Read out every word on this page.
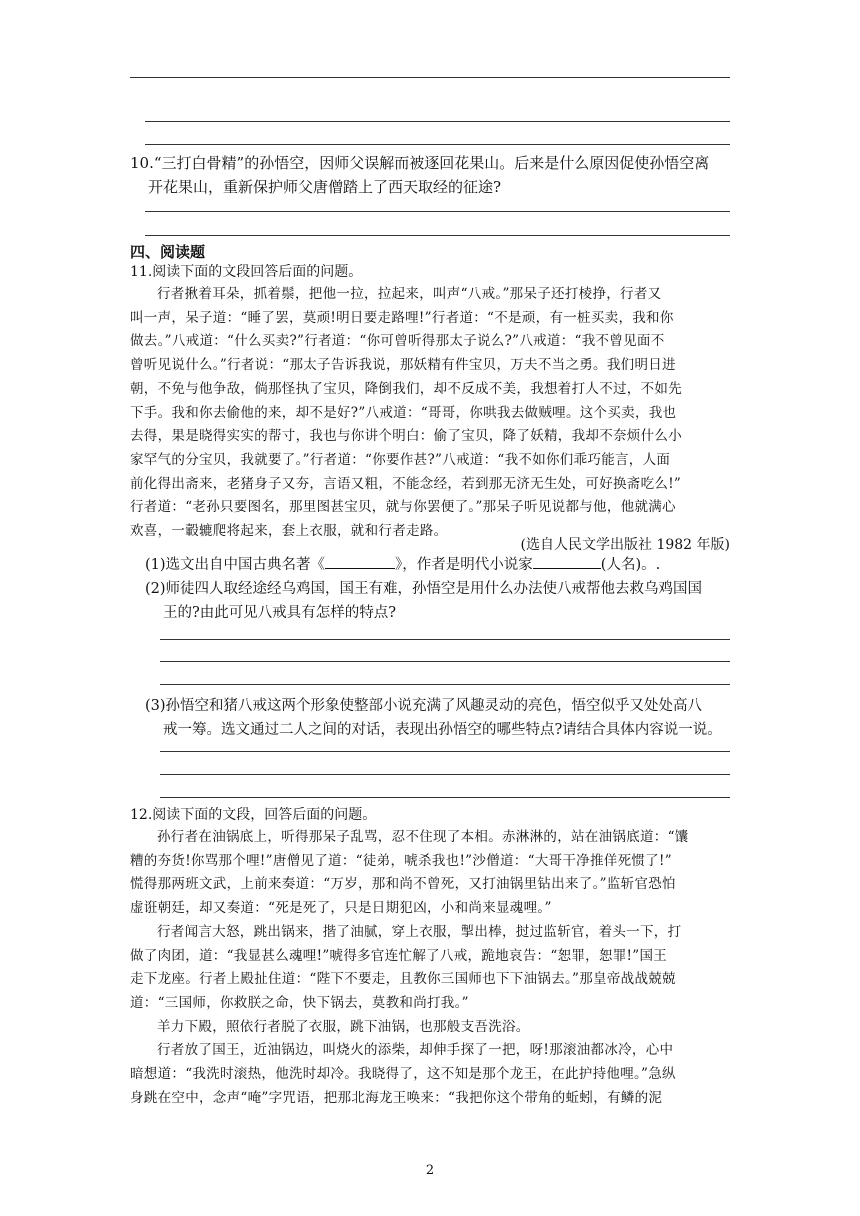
10.“三打白骨精”的孙悟空，因师父误解而被逐回花果山。后来是什么原因促使孙悟空离
开花果山，重新保护师父唐僧踏上了西天取经的征途?
四、阅读题
11.阅读下面的文段回答后面的问题。
行者揪着耳朵，抓着鬃，把他一拉，拉起来，叫声“八戒。”那呆子还打棱挣，行者又
叫一声，呆子道：“睡了罢，莫顽!明日要走路哩!”行者道：“不是顽，有一桩买卖，我和你
做去。”八戒道：“什么买卖?”行者道：“你可曾听得那太子说么?”八戒道：“我不曾见面不
曾听见说什么。”行者说：“那太子告诉我说，那妖精有件宝贝，万夫不当之勇。我们明日进
朝，不免与他争敌，倘那怪执了宝贝，降倒我们，却不反成不美，我想着打人不过，不如先
下手。我和你去偷他的来，却不是好?”八戒道：“哥哥，你哄我去做贼哩。这个买卖，我也
去得，果是晓得实实的帮寸，我也与你讲个明白：偷了宝贝，降了妖精，我却不奈烦什么小
家罕气的分宝贝，我就要了。”行者道：“你要作甚?”八戒道：“我不如你们乖巧能言，人面
前化得出斋来，老猪身子又夯，言语又粗，不能念经，若到那无济无生处，可好换斋吃么!”
行者道：“老孙只要图名，那里图甚宝贝，就与你罢便了。”那呆子听见说都与他，他就满心
欢喜，一轂辘爬将起来，套上衣服，就和行者走路。
(选自人民文学出版社 1982 年版)
(1)选文出自中国古典名著《	》，作者是明代小说家	(人名)。.
(2)师徒四人取经途经乌鸡国，国王有难，孙悟空是用什么办法使八戒帮他去救乌鸡国国
王的?由此可见八戒具有怎样的特点?
(3)孙悟空和猪八戒这两个形象使整部小说充满了风趣灵动的亮色，悟空似乎又处处高八
戒一筹。选文通过二人之间的对话，表现出孙悟空的哪些特点?请结合具体内容说一说。
12.阅读下面的文段，回答后面的问题。
孙行者在油锅底上，听得那呆子乱骂，忍不住现了本相。赤淋淋的，站在油锅底道：“馕
糟的夯货!你骂那个哩!”唐僧见了道：“徒弟，唬杀我也!”沙僧道：“大哥干净推佯死惯了!”
慌得那两班文武，上前来奏道：“万岁，那和尚不曾死，又打油锅里钻出来了。”监斩官恐怕
虚诳朝廷，却又奏道：“死是死了，只是日期犯凶，小和尚来显魂哩。”
行者闻言大怒，跳出锅来，揩了油腻，穿上衣服，掣出棒，挝过监斩官，着头一下，打
做了肉团，道：“我显甚么魂哩!”唬得多官连忙解了八戒，跪地哀告：“恕罪，恕罪!”国王
走下龙座。行者上殿扯住道：“陛下不要走，且教你三国师也下下油锅去。”那皇帝战战兢兢
道：“三国师，你救朕之命，快下锅去，莫教和尚打我。”
羊力下殿，照依行者脱了衣服，跳下油锅，也那般支吾洗浴。
行者放了国王，近油锅边，叫烧火的添柴，却伸手探了一把，呀!那滚油都冰冷，心中
暗想道：“我洗时滚热，他洗时却冷。我晓得了，这不知是那个龙王，在此护持他哩。”急纵
身跳在空中，念声“唵”字咒语，把那北海龙王唤来：“我把你这个带角的蚯蚓，有鳞的泥
2
